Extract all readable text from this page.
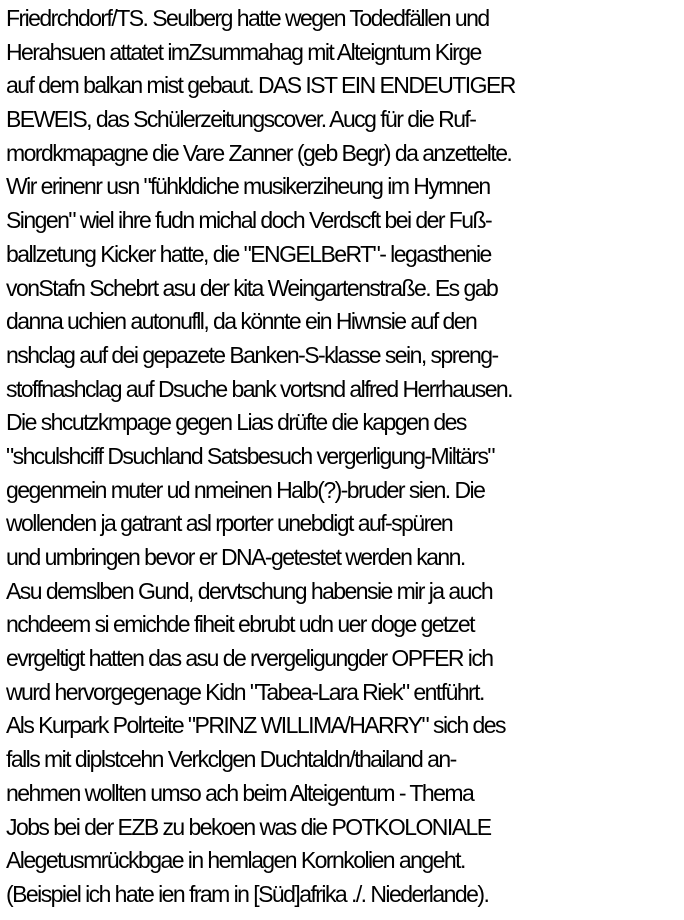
Friedrchdorf/TS. Seulberg hatte wegen Todedfällen und
Herahsuen attatet imZsummahag mit Alteigntum Kirge
auf dem balkan mist gebaut. DAS IST EIN ENDEUTIGER
BEWEIS, das Schülerzeitungscover. Aucg für die Ruf-
mordkmapagne die Vare Zanner (geb Begr) da anzettelte.
Wir erinenr usn "fühkldiche musikerziheung im Hymnen
Singen" wiel ihre fudn michal doch Verdscft bei der Fuß-
ballzetung Kicker hatte, die "ENGELBeRT"- legasthenie
vonStafn Schebrt asu der kita Weingartenstraße. Es gab
danna uchien autonufll, da könnte ein Hiwnsie auf den
nshclag auf dei gepazete Banken-S-klasse sein, spreng-
stoffnashclag auf Dsuche bank vortsnd alfred Herrhausen.
Die shcutzkmpage gegen Lias drüfte die kapgen des
"shculshciff Dsuchland Satsbesuch vergerligung-Miltärs"
gegenmein muter ud nmeinen Halb(?)-bruder sien. Die
wollenden ja gatrant asl rporter unebdigt auf-spüren
und umbringen bevor er DNA-getestet werden kann.
Asu demslben Gund, dervtschung habensie mir ja auch
nchdeem si emichde fiheit ebrubt udn uer doge getzet
evrgeltigt hatten das asu de rvergeligungder OPFER ich
wurd hervorgegenage Kidn "Tabea-Lara Riek" entführt.
Als Kurpark Polrteite "PRINZ WILLIMA/HARRY" sich des
falls mit diplstcehn Verkclgen Duchtaldn/thailand an-
nehmen wollten umso ach beim Alteigentum - Thema
Jobs bei der EZB zu bekoen was die POTKOLONIALE
Alegetusmrückbgae in hemlagen Kornkolien angeht.
(Beispiel ich hate ien fram in [Süd]afrika ./. Niederlande).
